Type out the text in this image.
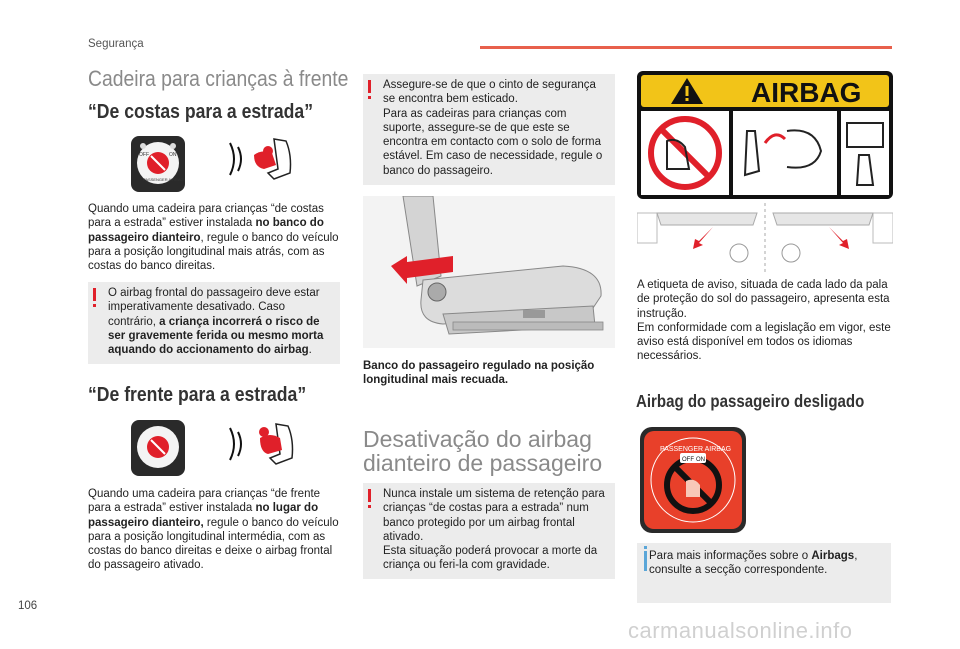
Segurança
Cadeira para crianças à frente
“De costas para a estrada”
OFF	ON
PASSENGER AIRBAG
Quando uma cadeira para crianças “de costas para a estrada” estiver instalada no banco do passageiro dianteiro, regule o banco do veículo para a posição longitudinal mais atrás, com as costas do banco direitas.
O airbag frontal do passageiro deve estar imperativamente desativado. Caso contrário, a criança incorrerá o risco de ser gravemente ferida ou mesmo morta aquando do accionamento do airbag.
“De frente para a estrada”
Quando uma cadeira para crianças “de frente para a estrada” estiver instalada no lugar do passageiro dianteiro, regule o banco do veículo para a posição longitudinal intermédia, com as costas do banco direitas e deixe o airbag frontal do passageiro ativado.
Assegure-se de que o cinto de segurança se encontra bem esticado.
Para as cadeiras para crianças com suporte, assegure-se de que este se encontra em contacto com o solo de forma estável. Em caso de necessidade, regule o banco do passageiro.
Banco do passageiro regulado na posição longitudinal mais recuada.
Desativação do airbag dianteiro de passageiro
Nunca instale um sistema de retenção para crianças “de costas para a estrada” num banco protegido por um airbag frontal ativado.
Esta situação poderá provocar a morte da criança ou feri-la com gravidade.
AIRBAG
A etiqueta de aviso, situada de cada lado da pala de proteção do sol do passageiro, apresenta esta instrução.
Em conformidade com a legislação em vigor, este aviso está disponível em todos os idiomas necessários.
Airbag do passageiro desligado
PASSENGER AIRBAG
OFF ON
Para mais informações sobre o Airbags, consulte a secção correspondente.
106
carmanualsonline.info
